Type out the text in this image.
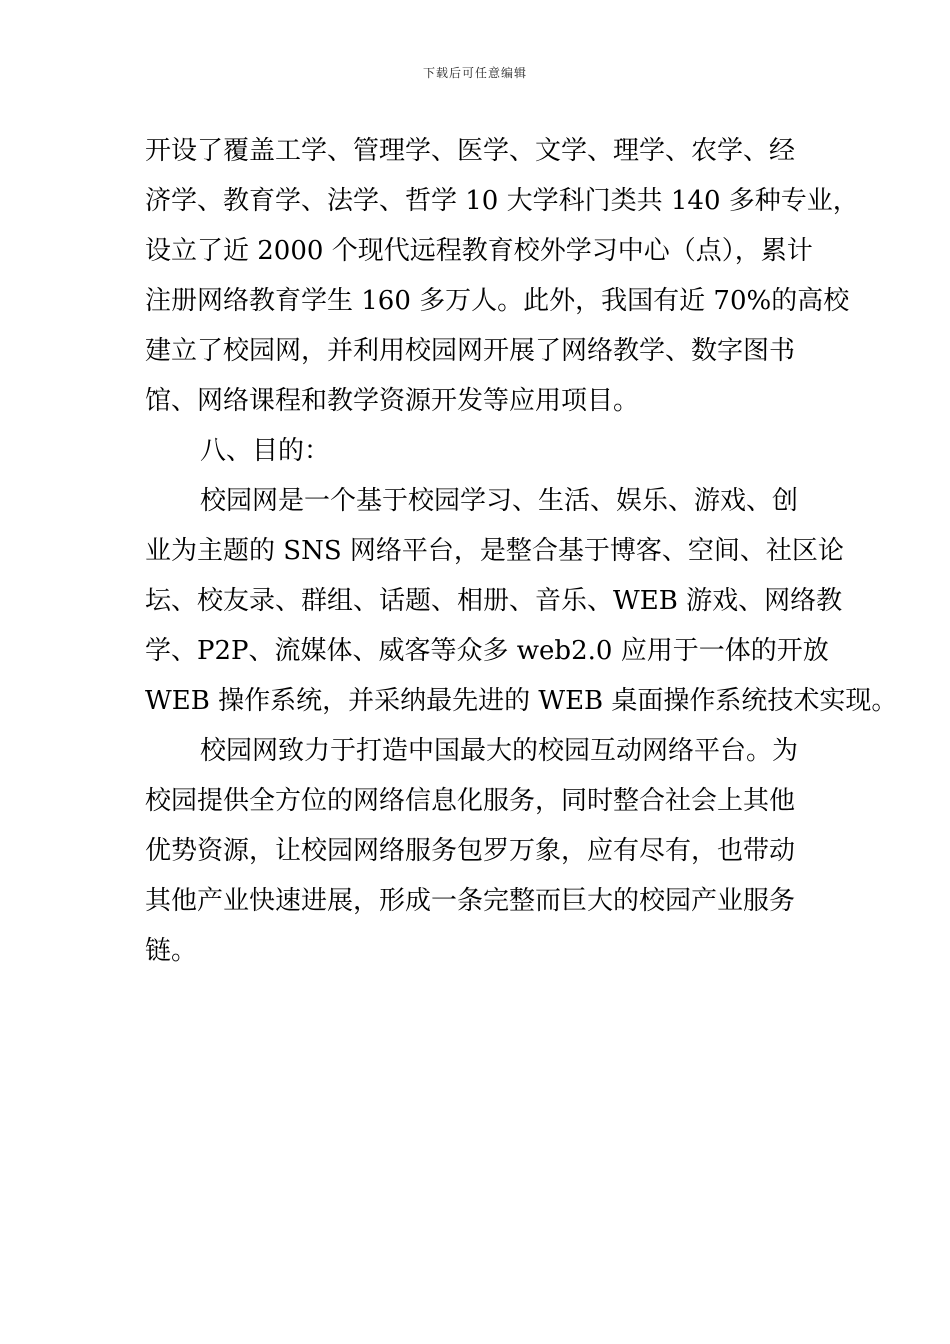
下载后可任意编辑
开设了覆盖工学、管理学、医学、文学、理学、农学、经
济学、教育学、法学、哲学 10 大学科门类共 140 多种专业，
设立了近 2000 个现代远程教育校外学习中心（点），累计
注册网络教育学生 160 多万人。此外，我国有近 70%的高校
建立了校园网，并利用校园网开展了网络教学、数字图书
馆、网络课程和教学资源开发等应用项目。
八、目的：
校园网是一个基于校园学习、生活、娱乐、游戏、创
业为主题的 SNS 网络平台，是整合基于博客、空间、社区论
坛、校友录、群组、话题、相册、音乐、WEB 游戏、网络教
学、P2P、流媒体、威客等众多 web2.0 应用于一体的开放
WEB 操作系统，并采纳最先进的 WEB 桌面操作系统技术实现。
校园网致力于打造中国最大的校园互动网络平台。为
校园提供全方位的网络信息化服务，同时整合社会上其他
优势资源，让校园网络服务包罗万象，应有尽有，也带动
其他产业快速进展，形成一条完整而巨大的校园产业服务
链。
